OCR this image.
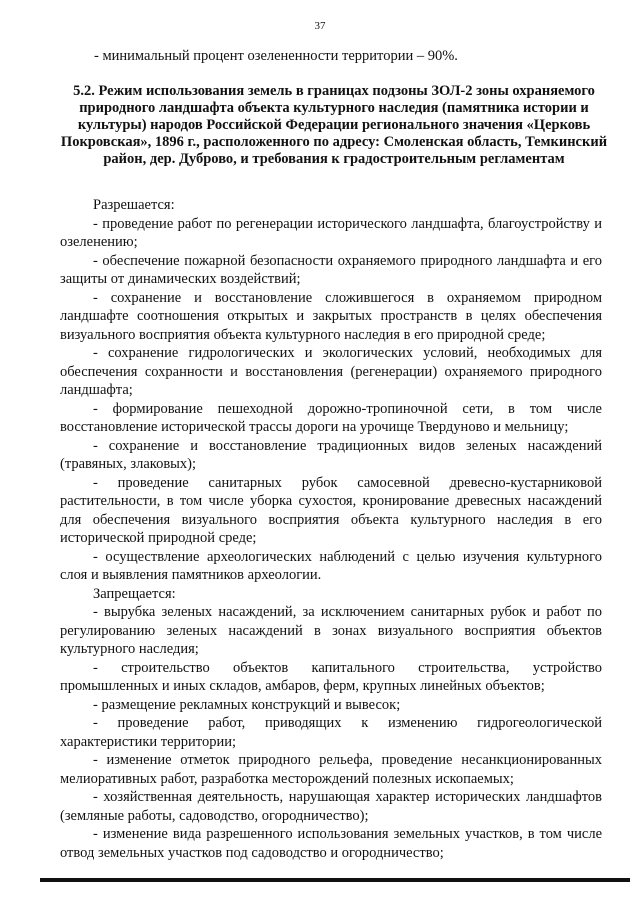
37
- минимальный процент озелененности территории – 90%.
5.2. Режим использования земель в границах подзоны ЗОЛ-2 зоны охраняемого природного ландшафта объекта культурного наследия (памятника истории и культуры) народов Российской Федерации регионального значения «Церковь Покровская», 1896 г., расположенного по адресу: Смоленская область, Темкинский район, дер. Дуброво, и требования к градостроительным регламентам

Разрешается:

- проведение работ по регенерации исторического ландшафта, благоустройству и озеленению;

- обеспечение пожарной безопасности охраняемого природного ландшафта и его защиты от динамических воздействий;

- сохранение и восстановление сложившегося в охраняемом природном ландшафте соотношения открытых и закрытых пространств в целях обеспечения визуального восприятия объекта культурного наследия в его природной среде;

- сохранение гидрологических и экологических условий, необходимых для обеспечения сохранности и восстановления (регенерации) охраняемого природного ландшафта;

- формирование пешеходной дорожно-тропиночной сети, в том числе восстановление исторической трассы дороги на урочище Твердуново и мельницу;

- сохранение и восстановление традиционных видов зеленых насаждений (травяных, злаковых);

- проведение санитарных рубок самосевной древесно-кустарниковой растительности, в том числе уборка сухостоя, кронирование древесных насаждений для обеспечения визуального восприятия объекта культурного наследия в его исторической природной среде;

- осуществление археологических наблюдений с целью изучения культурного слоя и выявления памятников археологии.

Запрещается:

- вырубка зеленых насаждений, за исключением санитарных рубок и работ по регулированию зеленых насаждений в зонах визуального восприятия объектов культурного наследия;

- строительство объектов капитального строительства, устройство промышленных и иных складов, амбаров, ферм, крупных линейных объектов;

- размещение рекламных конструкций и вывесок;

- проведение работ, приводящих к изменению гидрогеологической характеристики территории;

- изменение отметок природного рельефа, проведение несанкционированных мелиоративных работ, разработка месторождений полезных ископаемых;

- хозяйственная деятельность, нарушающая характер исторических ландшафтов (земляные работы, садоводство, огородничество);

- изменение вида разрешенного использования земельных участков, в том числе отвод земельных участков под садоводство и огородничество;
